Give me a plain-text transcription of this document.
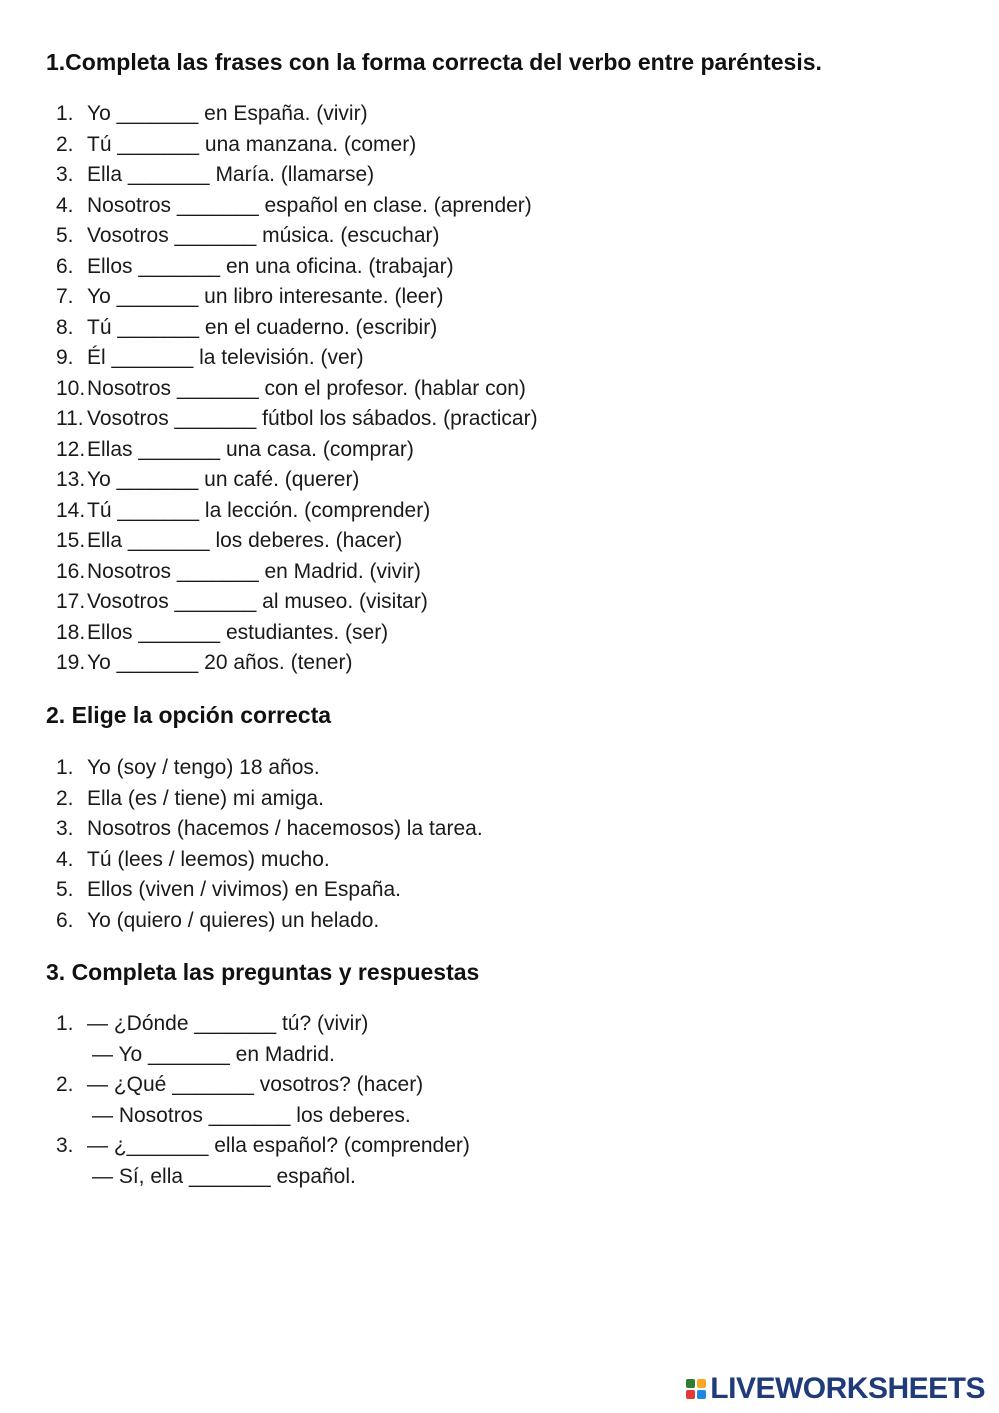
1.Completa las frases con la forma correcta del verbo entre paréntesis.
1. Yo _______ en España. (vivir)
2. Tú _______ una manzana. (comer)
3. Ella _______ María. (llamarse)
4. Nosotros _______ español en clase. (aprender)
5. Vosotros _______ música. (escuchar)
6. Ellos _______ en una oficina. (trabajar)
7. Yo _______ un libro interesante. (leer)
8. Tú _______ en el cuaderno. (escribir)
9. Él _______ la televisión. (ver)
10. Nosotros _______ con el profesor. (hablar con)
11. Vosotros _______ fútbol los sábados. (practicar)
12. Ellas _______ una casa. (comprar)
13. Yo _______ un café. (querer)
14. Tú _______ la lección. (comprender)
15. Ella _______ los deberes. (hacer)
16. Nosotros _______ en Madrid. (vivir)
17. Vosotros _______ al museo. (visitar)
18. Ellos _______ estudiantes. (ser)
19. Yo _______ 20 años. (tener)
2. Elige la opción correcta
1. Yo (soy / tengo) 18 años.
2. Ella (es / tiene) mi amiga.
3. Nosotros (hacemos / hacemosos) la tarea.
4. Tú (lees / leemos) mucho.
5. Ellos (viven / vivimos) en España.
6. Yo (quiero / quieres) un helado.
3. Completa las preguntas y respuestas
1. — ¿Dónde _______ tú? (vivir)
— Yo _______ en Madrid.
2. — ¿Qué _______ vosotros? (hacer)
— Nosotros _______ los deberes.
3. — ¿_______ ella español? (comprender)
— Sí, ella _______ español.
LIVEWORKSHEETS
